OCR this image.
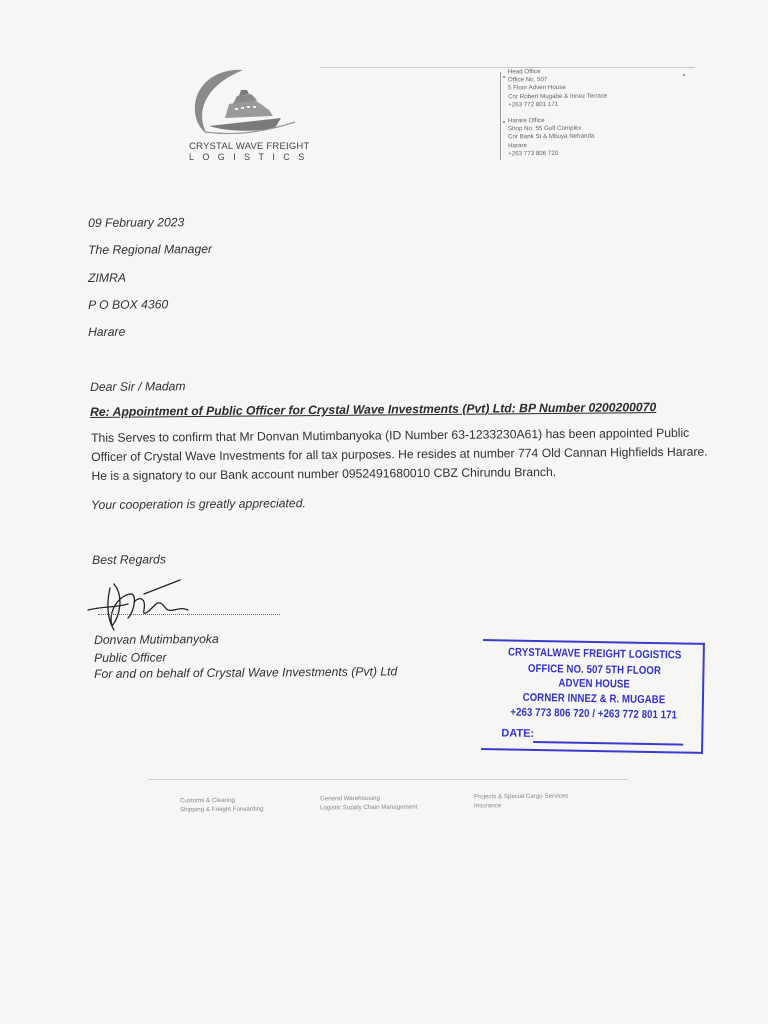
CRYSTAL WAVE FREIGHT
LOGISTICS
Head Office
Office No. 507
5 Floor Adven House
Cnr Robert Mugabe & Innez Terrace
+263 772 801 171
Harare Office
Shop No. 55 Gulf Complex
Cnr Bank St & Mbuya Nehanda
Harare
+263 773 806 720
09 February 2023
The Regional Manager
ZIMRA
P O BOX 4360
Harare
Dear Sir / Madam
Re: Appointment of Public Officer for Crystal Wave Investments (Pvt) Ltd: BP Number 0200200070
This Serves to confirm that Mr Donvan Mutimbanyoka (ID Number 63-1233230A61) has been appointed Public
Officer of Crystal Wave Investments for all tax purposes. He resides at number 774 Old Cannan Highfields Harare.
He is a signatory to our Bank account number 0952491680010 CBZ Chirundu Branch.
Your cooperation is greatly appreciated.
Best Regards
Donvan Mutimbanyoka
Public Officer
For and on behalf of Crystal Wave Investments (Pvt) Ltd
CRYSTALWAVE FREIGHT LOGISTICS
OFFICE NO. 507 5TH FLOOR
ADVEN HOUSE
CORNER INNEZ & R. MUGABE
+263 773 806 720 / +263 772 801 171
DATE:
Customs & Clearing
Shipping & Freight Forwarding
General Warehousing
Logistic Supply Chain Management
Projects & Special Cargo Services
Insurance
